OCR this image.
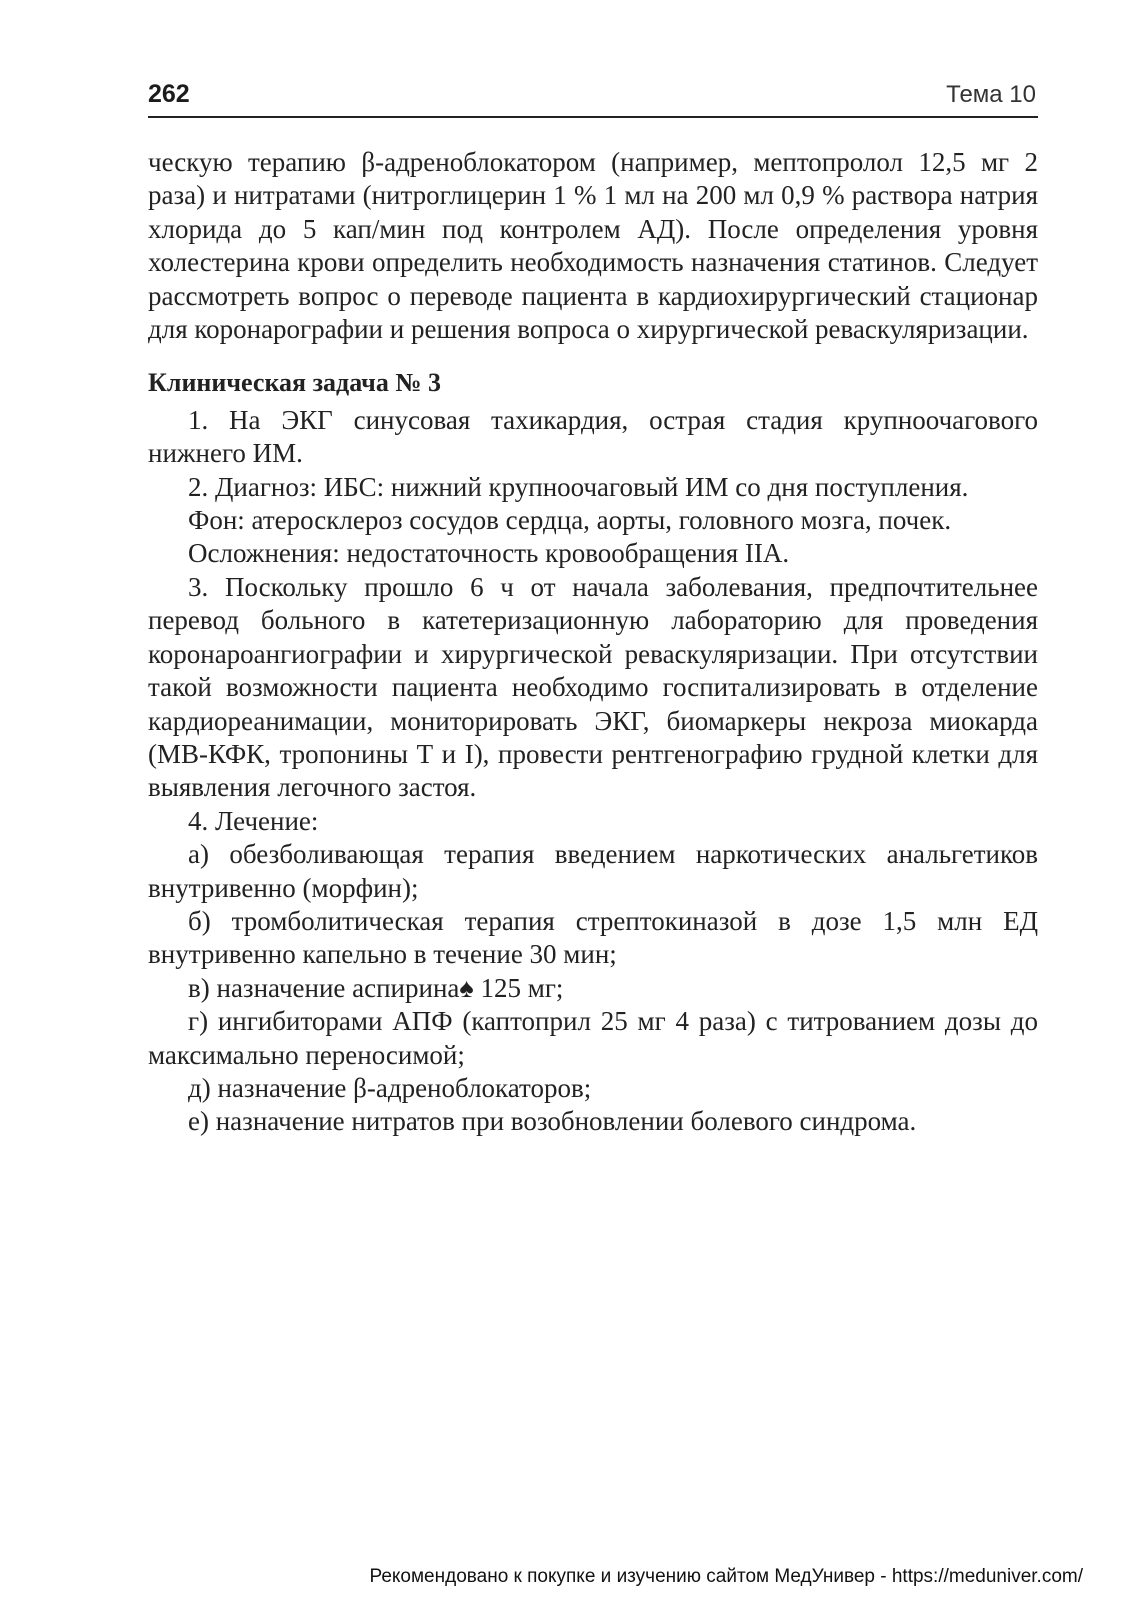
262	Тема 10

ческую терапию β-адреноблокатором (например, мептопролол 12,5 мг 2 раза) и нитратами (нитроглицерин 1 % 1 мл на 200 мл 0,9 % раствора натрия хлорида до 5 кап/мин под контролем АД). После определения уровня холестерина крови определить необходимость назначения статинов. Следует рассмотреть вопрос о переводе пациента в кардиохирургический стационар для коронарографии и решения вопроса о хирургической реваскуляризации.

Клиническая задача № 3

1. На ЭКГ синусовая тахикардия, острая стадия крупноочагового нижнего ИМ.

2. Диагноз: ИБС: нижний крупноочаговый ИМ со дня поступления.

Фон: атеросклероз сосудов сердца, аорты, головного мозга, почек.

Осложнения: недостаточность кровообращения IIA.

3. Поскольку прошло 6 ч от начала заболевания, предпочтительнее перевод больного в катетеризационную лабораторию для проведения коронароангиографии и хирургической реваскуляризации. При отсутствии такой возможности пациента необходимо госпитализировать в отделение кардиореанимации, мониторировать ЭКГ, биомаркеры некроза миокарда (МВ-КФК, тропонины Т и I), провести рентгенографию грудной клетки для выявления легочного застоя.

4. Лечение:

а) обезболивающая терапия введением наркотических анальгетиков внутривенно (морфин);

б) тромболитическая терапия стрептокиназой в дозе 1,5 млн ЕД внутривенно капельно в течение 30 мин;

в) назначение аспирина♠ 125 мг;

г) ингибиторами АПФ (каптоприл 25 мг 4 раза) с титрованием дозы до максимально переносимой;

д) назначение β-адреноблокаторов;

е) назначение нитратов при возобновлении болевого синдрома.

Рекомендовано к покупке и изучению сайтом МедУнивер - https://meduniver.com/
